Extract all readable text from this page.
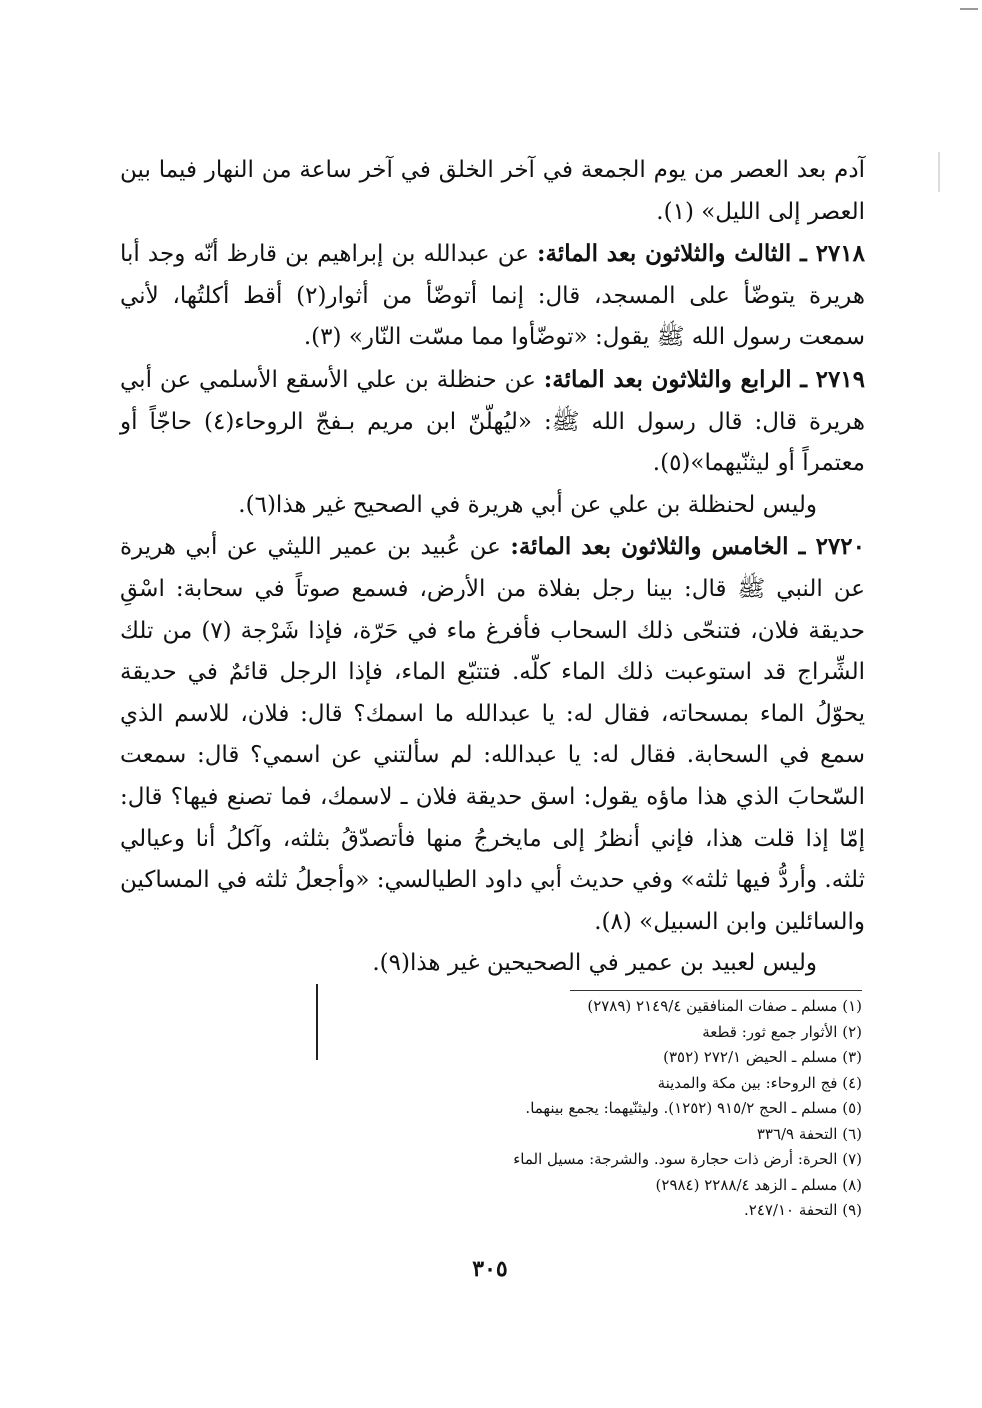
آدم بعد العصر من يوم الجمعة في آخر الخلق في آخر ساعة من النهار فيما بين العصر إلى الليل» (١).

٢٧١٨ ـ الثالث والثلاثون بعد المائة: عن عبدالله بن إبراهيم بن قارظ أنّه وجد أبا هريرة يتوضّأ على المسجد، قال: إنما أتوضّأ من أثوار(٢) أقط أكلتُها، لأني سمعت رسول الله ﷺ يقول: «توضّأوا مما مسّت النّار» (٣).

٢٧١٩ ـ الرابع والثلاثون بعد المائة: عن حنظلة بن علي الأسقع الأسلمي عن أبي هريرة قال: قال رسول الله ﷺ: «ليُهلّنّ ابن مريم بـفجّ الروحاء(٤) حاجّاً أو معتمراً أو ليثنّيهما»(٥).

وليس لحنظلة بن علي عن أبي هريرة في الصحيح غير هذا(٦).

٢٧٢٠ ـ الخامس والثلاثون بعد المائة: عن عُبيد بن عمير الليثي عن أبي هريرة عن النبي ﷺ قال: بينا رجل بفلاة من الأرض، فسمع صوتاً في سحابة: اسْقِ حديقة فلان، فتنحّى ذلك السحاب فأفرغ ماء في حَرّة، فإذا شَرْجة (٧) من تلك الشِّراج قد استوعبت ذلك الماء كلّه. فتتبّع الماء، فإذا الرجل قائمٌ في حديقة يحوّلُ الماء بمسحاته، فقال له: يا عبدالله ما اسمك؟ قال: فلان، للاسم الذي سمع في السحابة. فقال له: يا عبدالله: لم سألتني عن اسمي؟ قال: سمعت السّحابَ الذي هذا ماؤه يقول: اسق حديقة فلان ـ لاسمك، فما تصنع فيها؟ قال: إمّا إذا قلت هذا، فإني أنظرُ إلى مايخرجُ منها فأتصدّقُ بثلثه، وآكلُ أنا وعيالي ثلثه. وأردُّ فيها ثلثه» وفي حديث أبي داود الطيالسي: «وأجعلُ ثلثه في المساكين والسائلين وابن السبيل» (٨).

وليس لعبيد بن عمير في الصحيحين غير هذا(٩).

(١) مسلم ـ صفات المنافقين ٢١٤٩/٤ (٢٧٨٩)
(٢) الأثوار جمع ثور: قطعة
(٣) مسلم ـ الحيض ٢٧٢/١ (٣٥٢)
(٤) فج الروحاء: بين مكة والمدينة
(٥) مسلم ـ الحج ٩١٥/٢ (١٢٥٢). وليثنّيهما: يجمع بينهما.
(٦) التحفة ٣٣٦/٩
(٧) الحرة: أرض ذات حجارة سود. والشرجة: مسيل الماء
(٨) مسلم ـ الزهد ٢٢٨٨/٤ (٢٩٨٤)
(٩) التحفة ٢٤٧/١٠.
٣٠٥
